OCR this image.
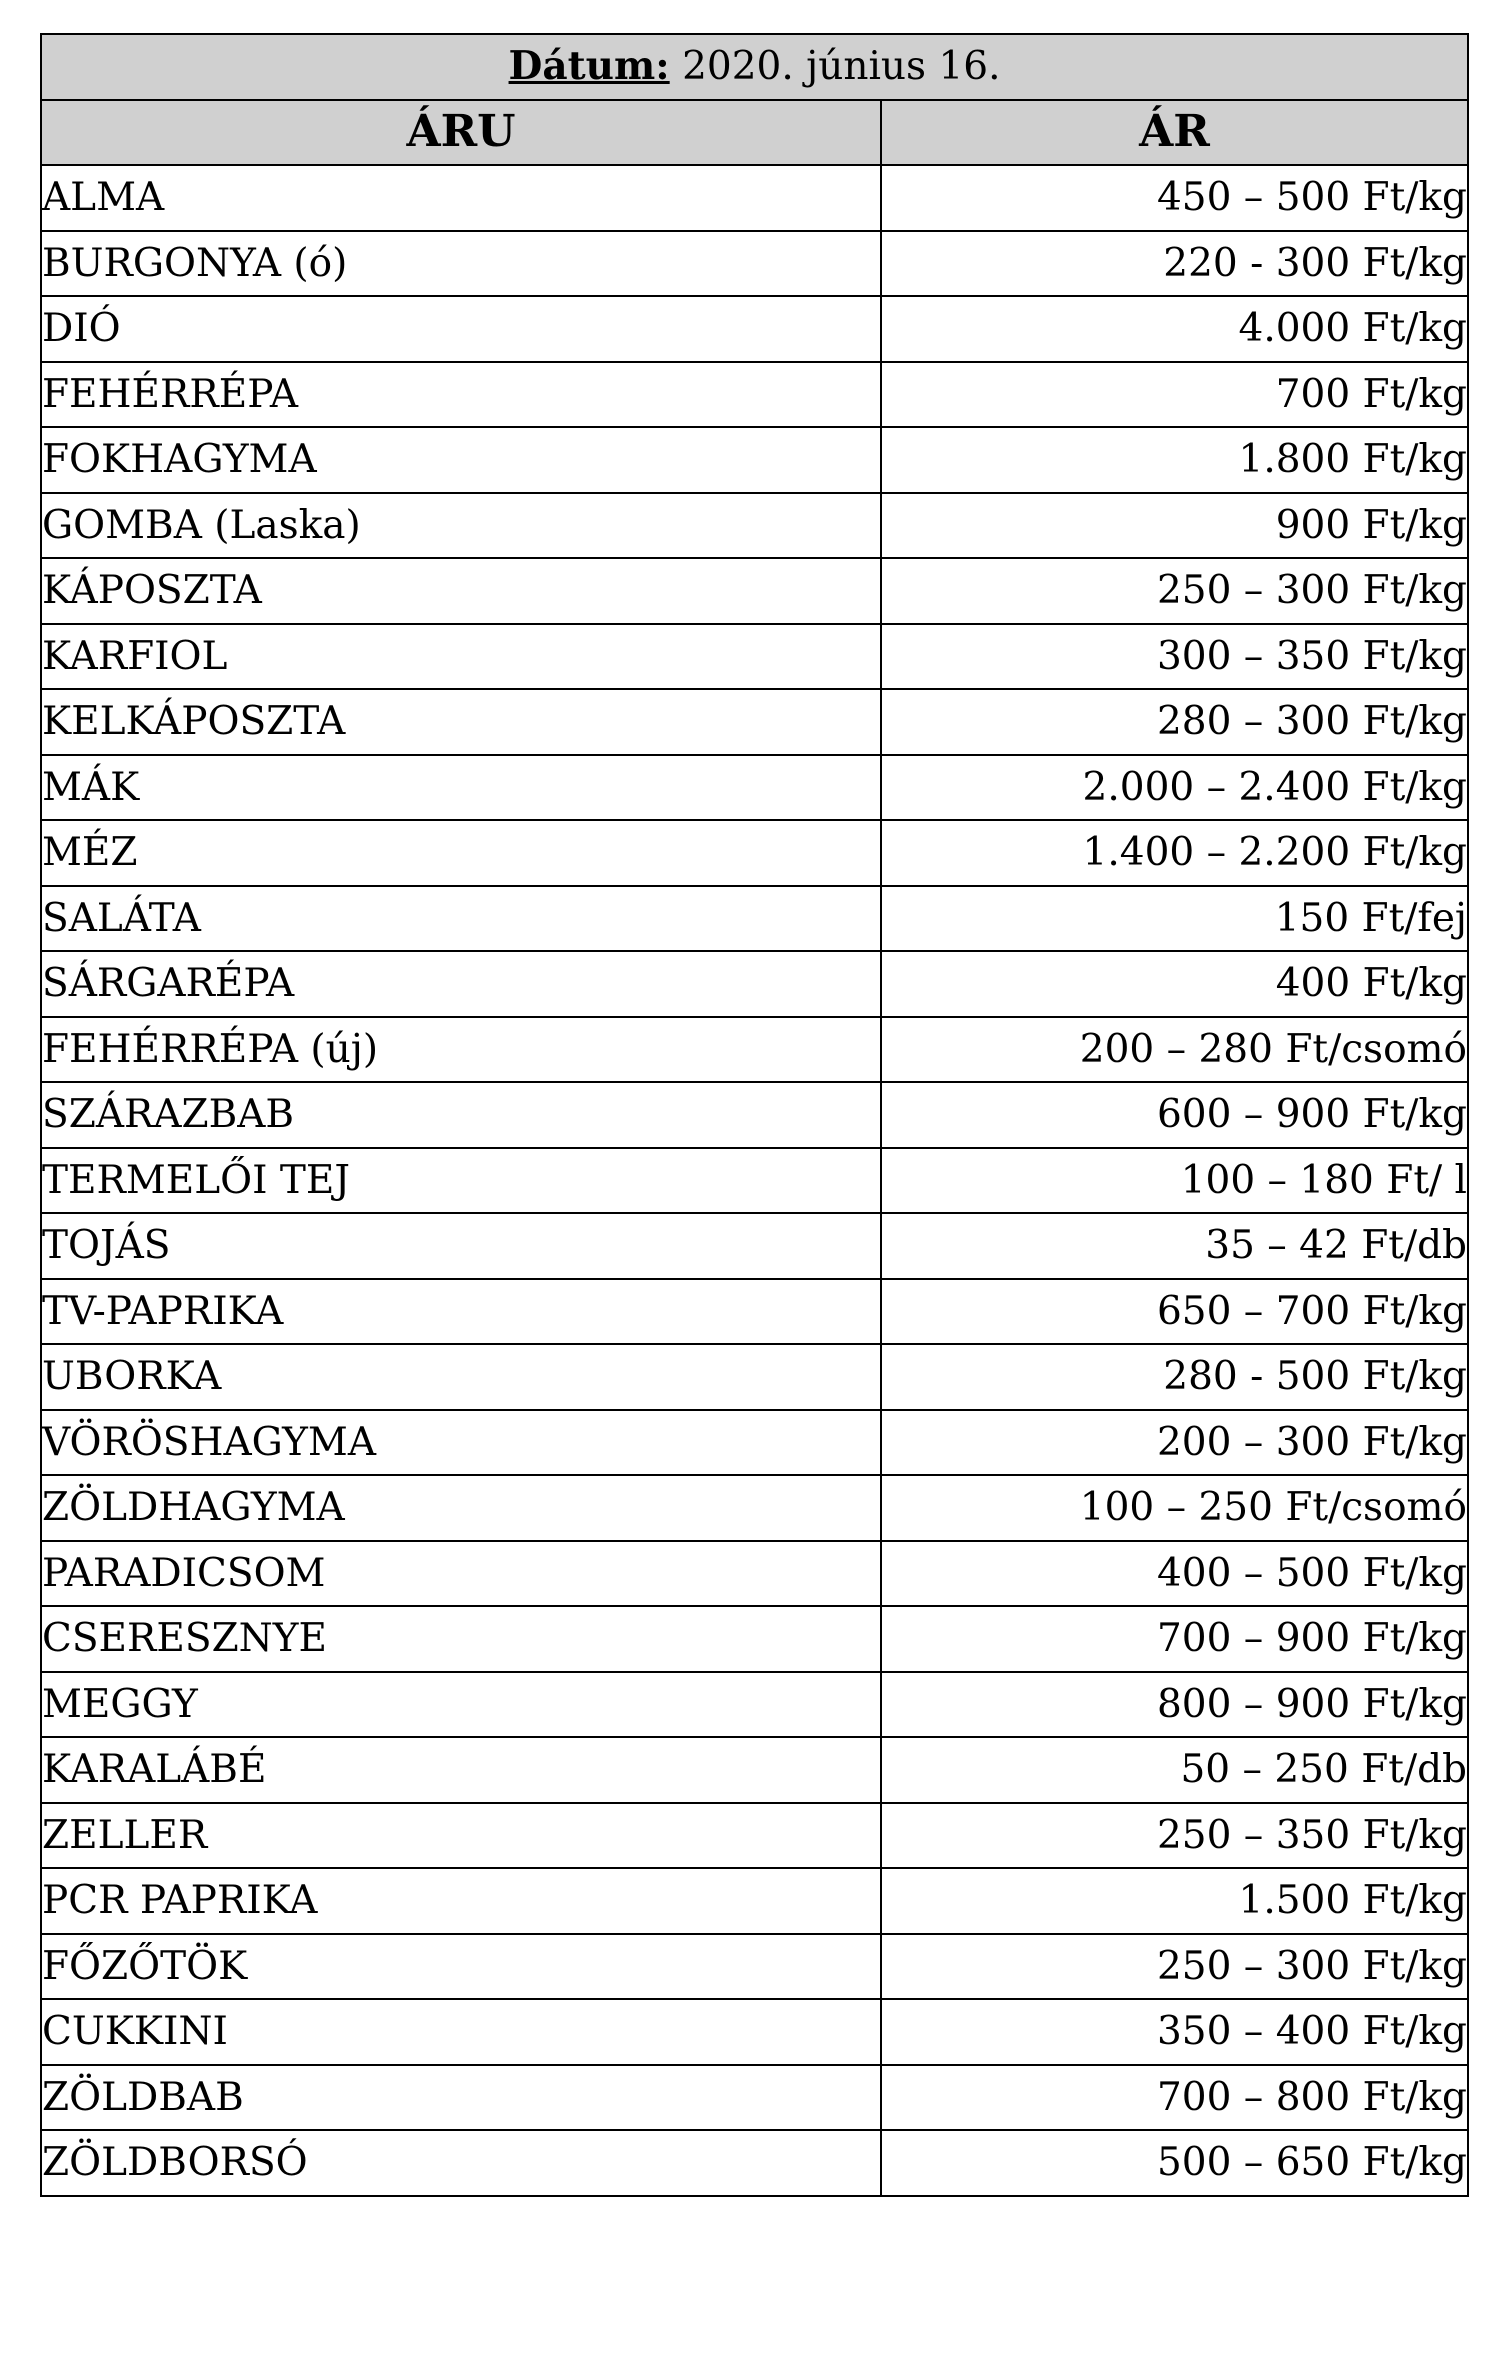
Dátum: 2020. június 16.	
ÁRU	ÁR
ALMA	450 – 500 Ft/kg
BURGONYA (ó)	220 - 300 Ft/kg
DIÓ	4.000 Ft/kg
FEHÉRRÉPA	700 Ft/kg
FOKHAGYMA	1.800 Ft/kg
GOMBA (Laska)	900 Ft/kg
KÁPOSZTA	250 – 300 Ft/kg
KARFIOL	300 – 350 Ft/kg
KELKÁPOSZTA	280 – 300 Ft/kg
MÁK	2.000 – 2.400 Ft/kg
MÉZ	1.400 – 2.200 Ft/kg
SALÁTA	150 Ft/fej
SÁRGARÉPA	400 Ft/kg
FEHÉRRÉPA (új)	200 – 280 Ft/csomó
SZÁRAZBAB	600 – 900 Ft/kg
TERMELŐI TEJ	100 – 180 Ft/ l
TOJÁS	35 – 42 Ft/db
TV-PAPRIKA	650 – 700 Ft/kg
UBORKA	280 - 500 Ft/kg
VÖRÖSHAGYMA	200 – 300 Ft/kg
ZÖLDHAGYMA	100 – 250 Ft/csomó
PARADICSOM	400 – 500 Ft/kg
CSERESZNYE	700 – 900 Ft/kg
MEGGY	800 – 900 Ft/kg
KARALÁBÉ	50 – 250 Ft/db
ZELLER	250 – 350 Ft/kg
PCR PAPRIKA	1.500 Ft/kg
FŐZŐTÖK	250 – 300 Ft/kg
CUKKINI	350 – 400 Ft/kg
ZÖLDBAB	700 – 800 Ft/kg
ZÖLDBORSÓ	500 – 650 Ft/kg
